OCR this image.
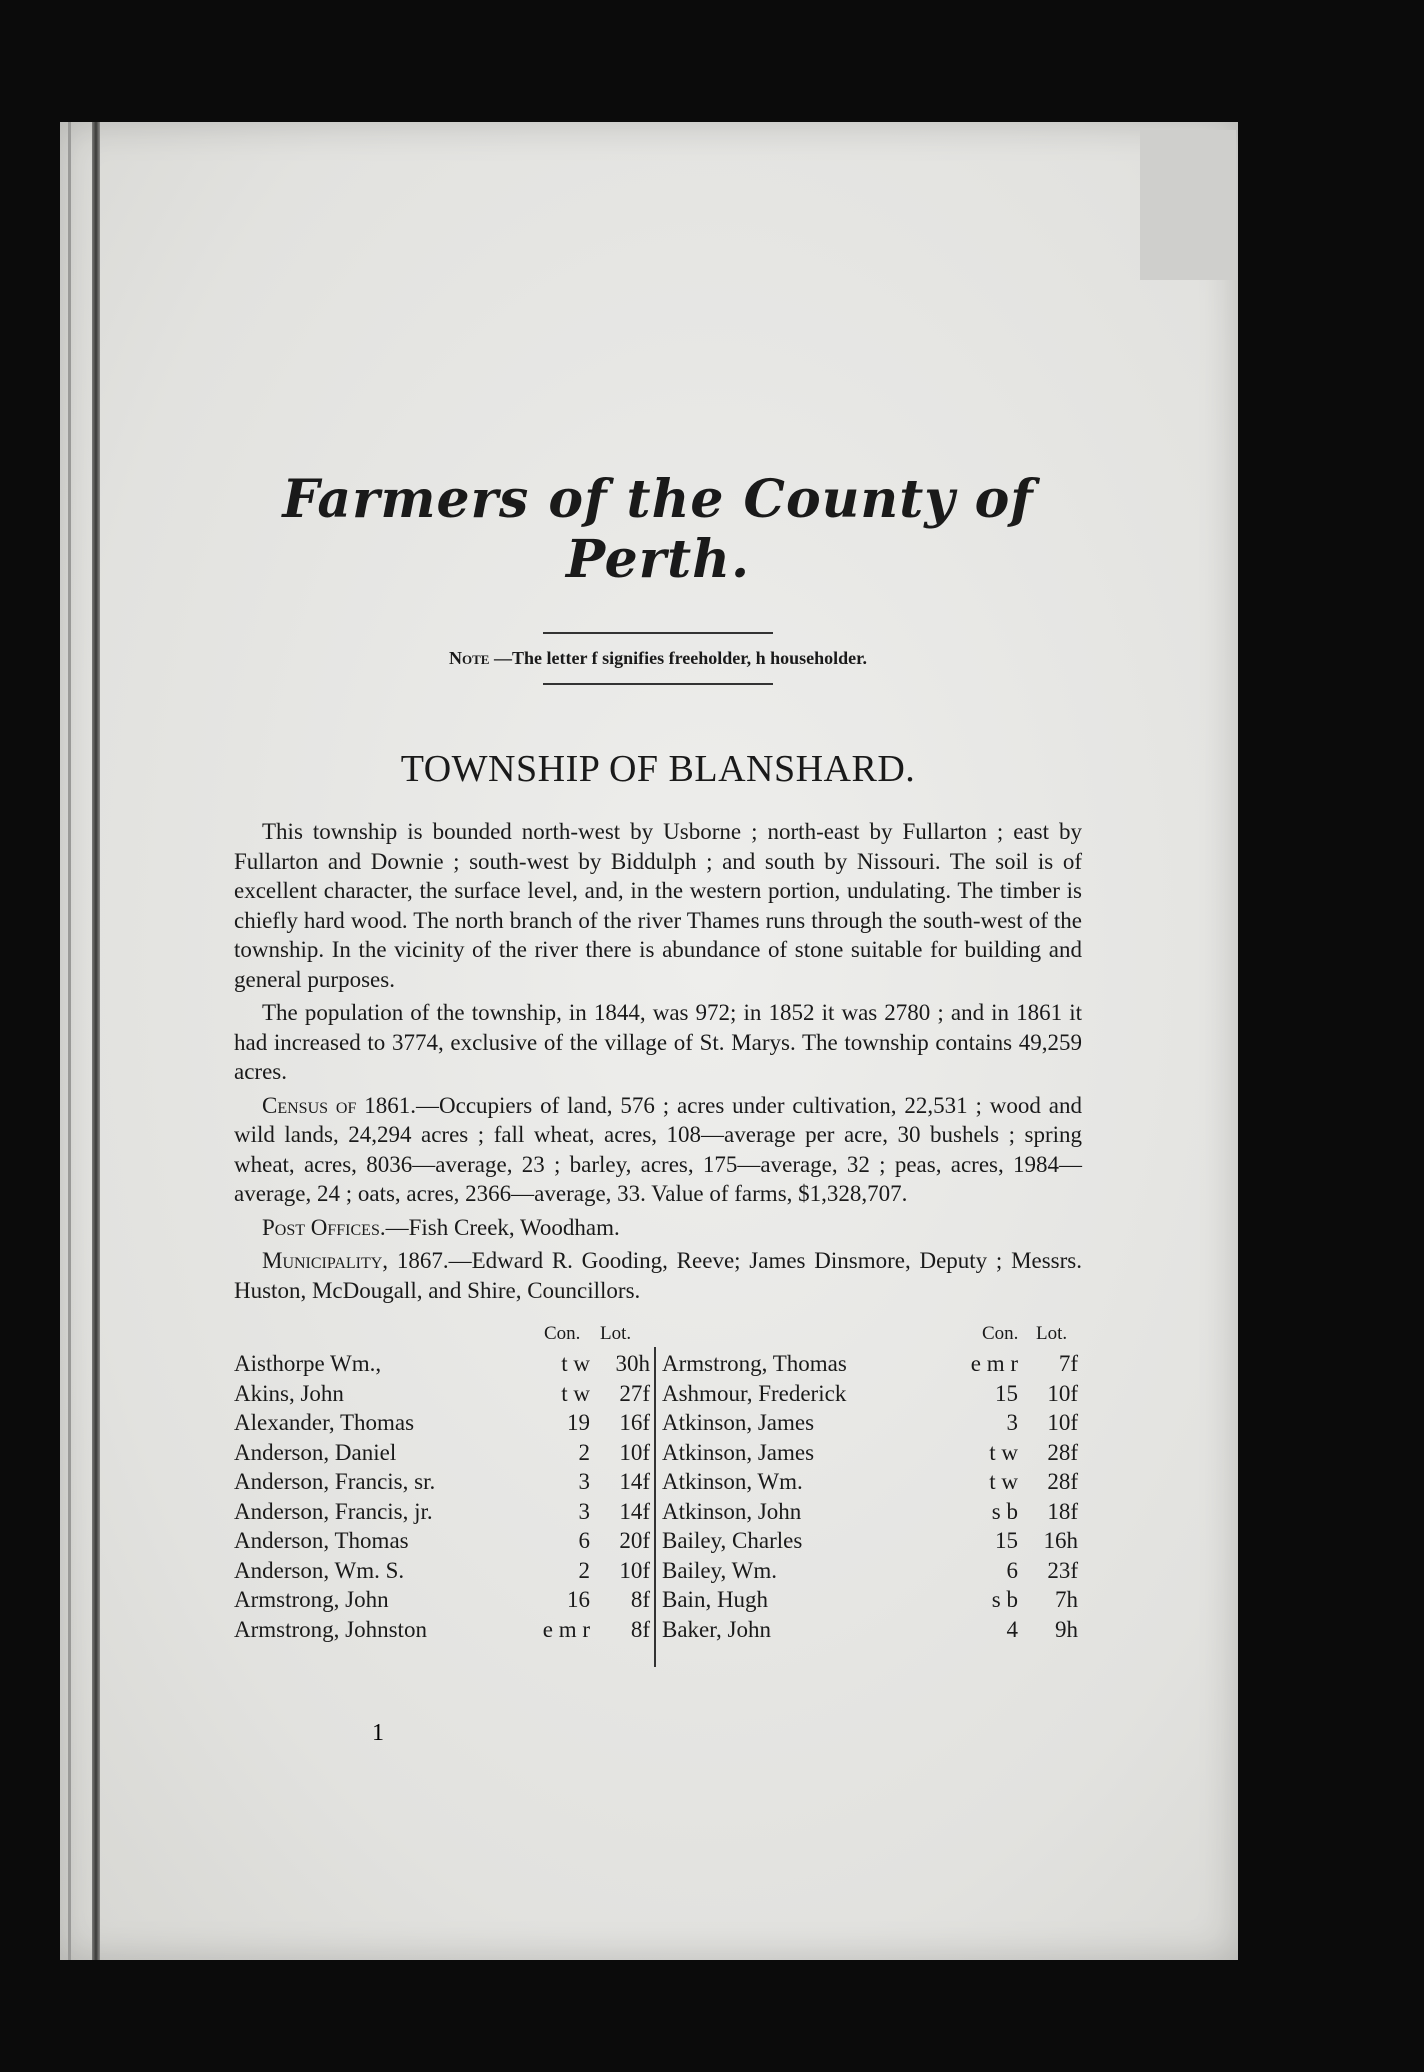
Farmers of the County of Perth.
Note —The letter f signifies freeholder, h householder.
TOWNSHIP OF BLANSHARD.

This township is bounded north-west by Usborne ; north-east by Fullarton ; east by Fullarton and Downie ; south-west by Biddulph ; and south by Nissouri. The soil is of excellent character, the surface level, and, in the western portion, undulating. The timber is chiefly hard wood. The north branch of the river Thames runs through the south-west of the township. In the vicinity of the river there is abundance of stone suitable for building and general purposes.

The population of the township, in 1844, was 972; in 1852 it was 2780 ; and in 1861 it had increased to 3774, exclusive of the village of St. Marys. The township contains 49,259 acres.

Census of 1861.—Occupiers of land, 576 ; acres under cultivation, 22,531 ; wood and wild lands, 24,294 acres ; fall wheat, acres, 108—average per acre, 30 bushels ; spring wheat, acres, 8036—average, 23 ; barley, acres, 175—average, 32 ; peas, acres, 1984—average, 24 ; oats, acres, 2366—average, 33. Value of farms, $1,328,707.

Post Offices.—Fish Creek, Woodham.

Municipality, 1867.—Edward R. Gooding, Reeve; James Dinsmore, Deputy ; Messrs. Huston, McDougall, and Shire, Councillors.

Con. Lot.
Aisthorpe Wm.,	t w	30h
Akins, John	t w	27f
Alexander, Thomas	19	16f
Anderson, Daniel	2	10f
Anderson, Francis, sr.	3	14f
Anderson, Francis, jr.	3	14f
Anderson, Thomas	6	20f
Anderson, Wm. S.	2	10f
Armstrong, John	16	8f
Armstrong, Johnston	e m r	8f
Con. Lot.
Armstrong, Thomas	e m r	7f
Ashmour, Frederick	15	10f
Atkinson, James	3	10f
Atkinson, James	t w	28f
Atkinson, Wm.	t w	28f
Atkinson, John	s b	18f
Bailey, Charles	15	16h
Bailey, Wm.	6	23f
Bain, Hugh	s b	7h
Baker, John	4	9h
1
